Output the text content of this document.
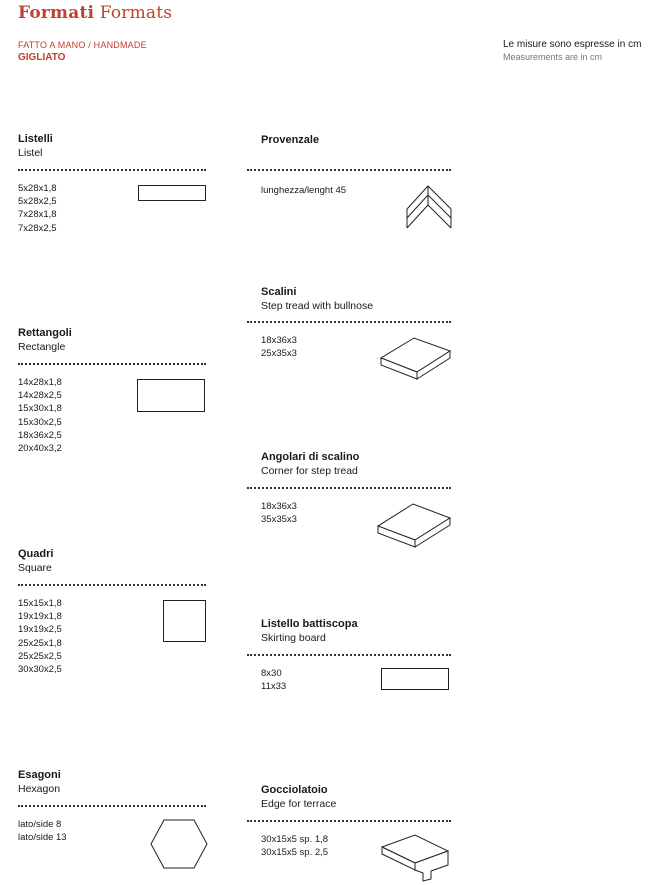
Formati Formats
FATTO A MANO / HANDMADE
GIGLIATO
Le misure sono espresse in cm
Measurements are in cm
Listelli
Listel
5x28x1,8
5x28x2,5
7x28x1,8
7x28x2,5
Rettangoli
Rectangle
14x28x1,8
14x28x2,5
15x30x1,8
15x30x2,5
18x36x2,5
20x40x3,2
Quadri
Square
15x15x1,8
19x19x1,8
19x19x2,5
25x25x1,8
25x25x2,5
30x30x2,5
Esagoni
Hexagon
lato/side 8
lato/side 13
Provenzale
lunghezza/lenght 45
Scalini
Step tread with bullnose
18x36x3
25x35x3
Angolari di scalino
Corner for step tread
18x36x3
35x35x3
Listello battiscopa
Skirting board
8x30
11x33
Gocciolatoio
Edge for terrace
30x15x5 sp. 1,8
30x15x5 sp. 2,5
